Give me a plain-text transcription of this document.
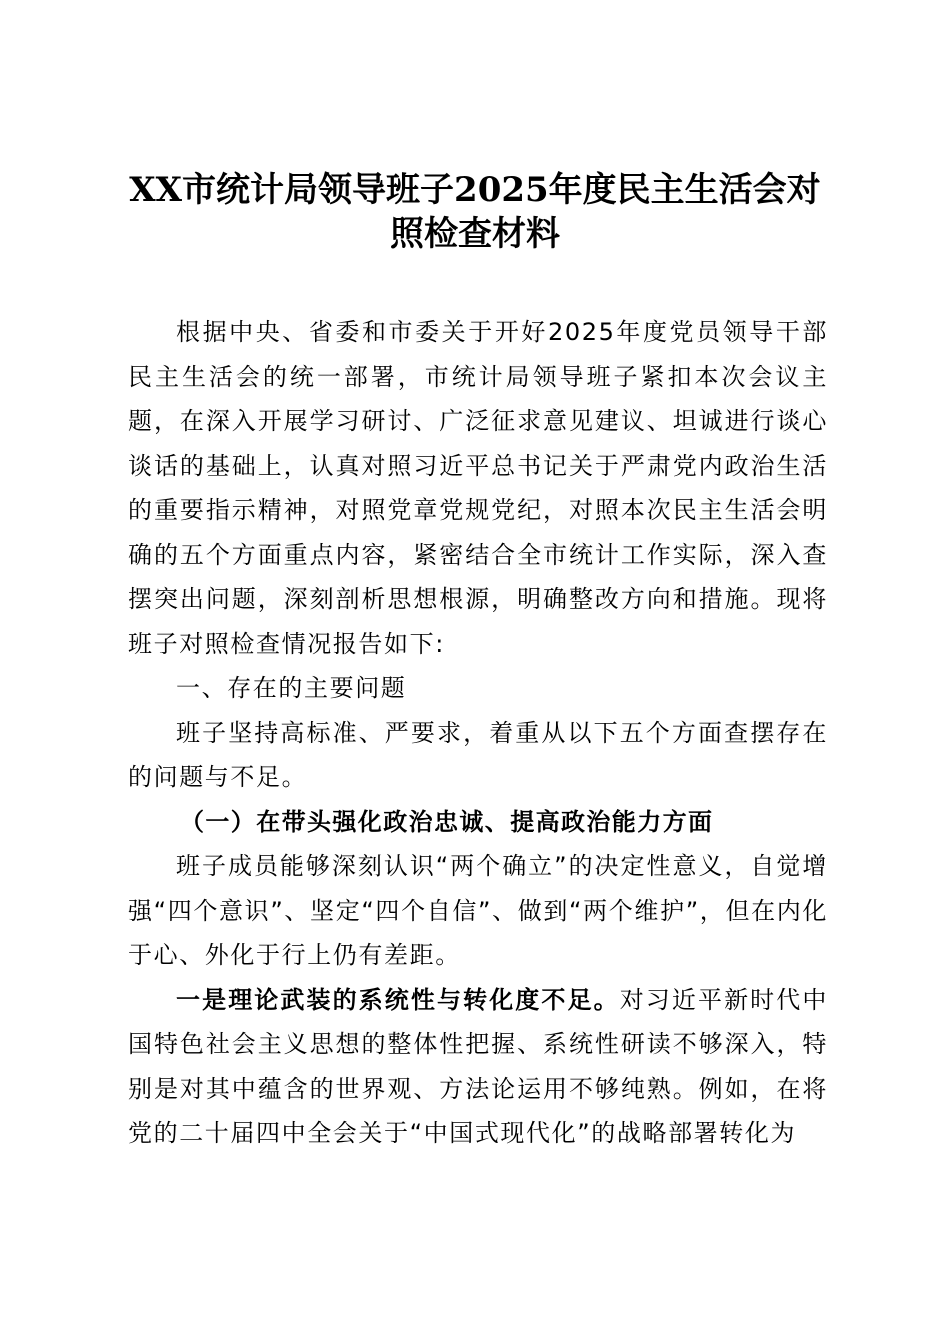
XX市统计局领导班子2025年度民主生活会对
照检查材料

根据中央、省委和市委关于开好2025年度党员领导干部民主生活会的统一部署，市统计局领导班子紧扣本次会议主题，在深入开展学习研讨、广泛征求意见建议、坦诚进行谈心谈话的基础上，认真对照习近平总书记关于严肃党内政治生活的重要指示精神，对照党章党规党纪，对照本次民主生活会明确的五个方面重点内容，紧密结合全市统计工作实际，深入查摆突出问题，深刻剖析思想根源，明确整改方向和措施。现将班子对照检查情况报告如下:

一、存在的主要问题

班子坚持高标准、严要求，着重从以下五个方面查摆存在的问题与不足。

（一）在带头强化政治忠诚、提高政治能力方面

班子成员能够深刻认识“两个确立”的决定性意义，自觉增强“四个意识”、坚定“四个自信”、做到“两个维护”，但在内化于心、外化于行上仍有差距。

一是理论武装的系统性与转化度不足。对习近平新时代中国特色社会主义思想的整体性把握、系统性研读不够深入，特别是对其中蕴含的世界观、方法论运用不够纯熟。例如，在将党的二十届四中全会关于“中国式现代化”的战略部署转化为
